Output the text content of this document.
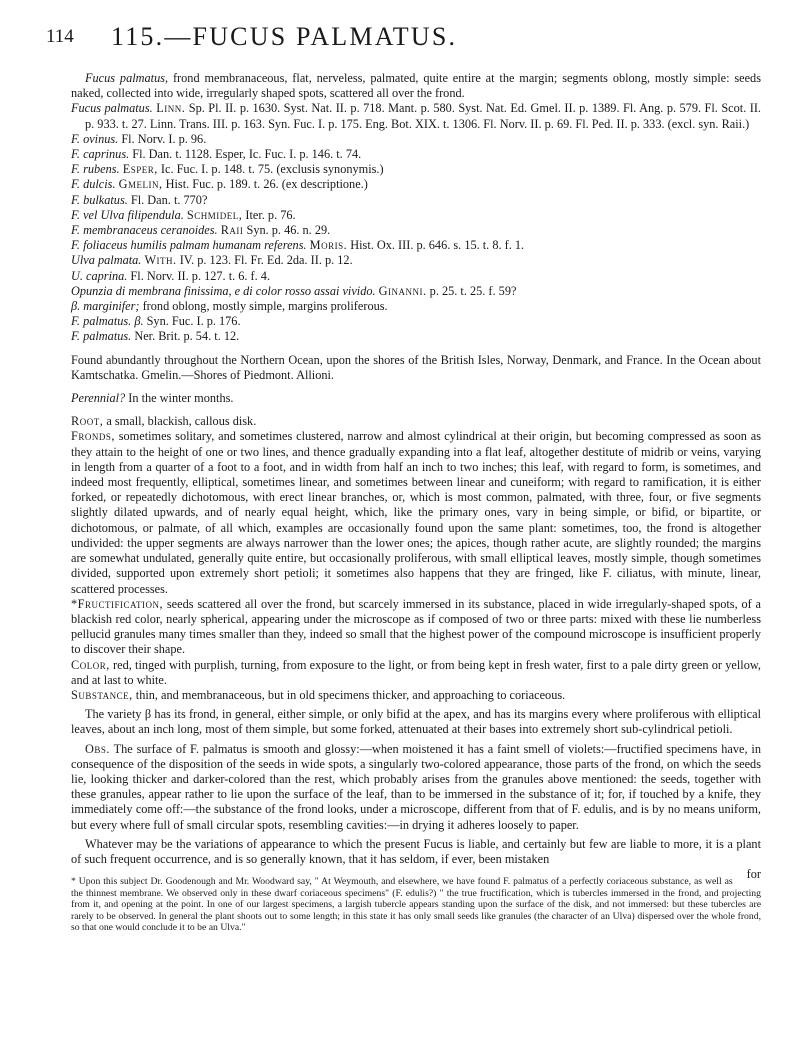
114 115.—FUCUS PALMATUS.

Fucus palmatus, frond membranaceous, flat, nerveless, palmated, quite entire at the margin; segments oblong, mostly simple: seeds naked, collected into wide, irregularly shaped spots, scattered all over the frond.

Fucus palmatus. Linn. Sp. Pl. II. p. 1630. Syst. Nat. II. p. 718. Mant. p. 580. Syst. Nat. Ed. Gmel. II. p. 1389. Fl. Ang. p. 579. Fl. Scot. II. p. 933. t. 27. Linn. Trans. III. p. 163. Syn. Fuc. I. p. 175. Eng. Bot. XIX. t. 1306. Fl. Norv. II. p. 69. Fl. Ped. II. p. 333. (excl. syn. Raii.)

F. ovinus. Fl. Norv. I. p. 96.

F. caprinus. Fl. Dan. t. 1128. Esper, Ic. Fuc. I. p. 146. t. 74.

F. rubens. Esper, Ic. Fuc. I. p. 148. t. 75. (exclusis synonymis.)

F. dulcis. Gmelin, Hist. Fuc. p. 189. t. 26. (ex descriptione.)

F. bulkatus. Fl. Dan. t. 770?

F. vel Ulva filipendula. Schmidel, Iter. p. 76.

F. membranaceus ceranoides. Raii Syn. p. 46. n. 29.

F. foliaceus humilis palmam humanam referens. Moris. Hist. Ox. III. p. 646. s. 15. t. 8. f. 1.

Ulva palmata. With. IV. p. 123. Fl. Fr. Ed. 2da. II. p. 12.

U. caprina. Fl. Norv. II. p. 127. t. 6. f. 4.

Opunzia di membrana finissima, e di color rosso assai vivido. Ginanni. p. 25. t. 25. f. 59?

β. marginifer; frond oblong, mostly simple, margins proliferous.

F. palmatus. β. Syn. Fuc. I. p. 176.

F. palmatus. Ner. Brit. p. 54. t. 12.

Found abundantly throughout the Northern Ocean, upon the shores of the British Isles, Norway, Denmark, and France. In the Ocean about Kamtschatka. Gmelin.—Shores of Piedmont. Allioni.

Perennial? In the winter months.

Root, a small, blackish, callous disk.

Fronds, sometimes solitary, and sometimes clustered, narrow and almost cylindrical at their origin, but becoming compressed as soon as they attain to the height of one or two lines, and thence gradually expanding into a flat leaf, altogether destitute of midrib or veins, varying in length from a quarter of a foot to a foot, and in width from half an inch to two inches; this leaf, with regard to form, is sometimes, and indeed most frequently, elliptical, sometimes linear, and sometimes between linear and cuneiform; with regard to ramification, it is either forked, or repeatedly dichotomous, with erect linear branches, or, which is most common, palmated, with three, four, or five segments slightly dilated upwards, and of nearly equal height, which, like the primary ones, vary in being simple, or bifid, or bipartite, or dichotomous, or palmate, of all which, examples are occasionally found upon the same plant: sometimes, too, the frond is altogether undivided: the upper segments are always narrower than the lower ones; the apices, though rather acute, are slightly rounded; the margins are somewhat undulated, generally quite entire, but occasionally proliferous, with small elliptical leaves, mostly simple, though sometimes divided, supported upon extremely short petioli; it sometimes also happens that they are fringed, like F. ciliatus, with minute, linear, scattered processes.

*Fructification, seeds scattered all over the frond, but scarcely immersed in its substance, placed in wide irregularly-shaped spots, of a blackish red color, nearly spherical, appearing under the microscope as if composed of two or three parts: mixed with these lie numberless pellucid granules many times smaller than they, indeed so small that the highest power of the compound microscope is insufficient properly to discover their shape.

Color, red, tinged with purplish, turning, from exposure to the light, or from being kept in fresh water, first to a pale dirty green or yellow, and at last to white.

Substance, thin, and membranaceous, but in old specimens thicker, and approaching to coriaceous.

The variety β has its frond, in general, either simple, or only bifid at the apex, and has its margins every where proliferous with elliptical leaves, about an inch long, most of them simple, but some forked, attenuated at their bases into extremely short sub-cylindrical petioli.

Obs. The surface of F. palmatus is smooth and glossy:—when moistened it has a faint smell of violets:—fructified specimens have, in consequence of the disposition of the seeds in wide spots, a singularly two-colored appearance, those parts of the frond, on which the seeds lie, looking thicker and darker-colored than the rest, which probably arises from the granules above mentioned: the seeds, together with these granules, appear rather to lie upon the surface of the leaf, than to be immersed in the substance of it; for, if touched by a knife, they immediately come off:—the substance of the frond looks, under a microscope, different from that of F. edulis, and is by no means uniform, but every where full of small circular spots, resembling cavities:—in drying it adheres loosely to paper.

Whatever may be the variations of appearance to which the present Fucus is liable, and certainly but few are liable to more, it is a plant of such frequent occurrence, and is so generally known, that it has seldom, if ever, been mistaken

for

* Upon this subject Dr. Goodenough and Mr. Woodward say, " At Weymouth, and elsewhere, we have found F. palmatus of a perfectly coriaceous substance, as well as the thinnest membrane. We observed only in these dwarf coriaceous specimens" (F. edulis?) " the true fructification, which is tubercles immersed in the frond, and projecting from it, and opening at the point. In one of our largest specimens, a largish tubercle appears standing upon the surface of the disk, and not immersed: but these tubercles are rarely to be observed. In general the plant shoots out to some length; in this state it has only small seeds like granules (the character of an Ulva) dispersed over the whole frond, so that one would conclude it to be an Ulva."
